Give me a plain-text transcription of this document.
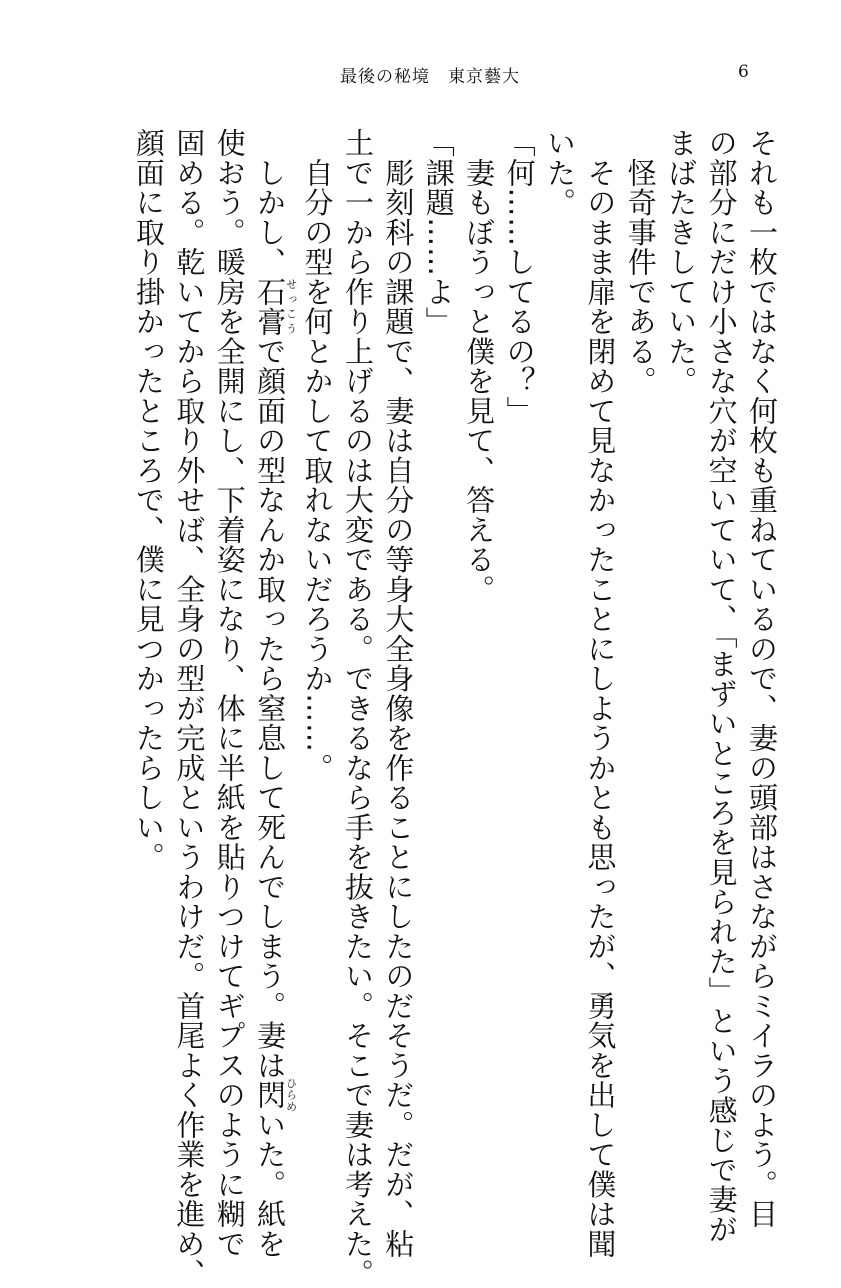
最後の秘境　東京藝大	6
それも一枚ではなく何枚も重ねているので、妻の頭部はさながらミイラのよう。目
の部分にだけ小さな穴が空いていて、「まずいところを見られた」という感じで妻が
まばたきしていた。
　怪奇事件である。
　そのまま扉を閉めて見なかったことにしようかとも思ったが、勇気を出して僕は聞
いた。
「何……してるの？」
　妻もぼうっと僕を見て、答える。
「課題……よ」
　彫刻科の課題で、妻は自分の等身大全身像を作ることにしたのだそうだ。だが、粘
土で一から作り上げるのは大変である。できるなら手を抜きたい。そこで妻は考えた。
　自分の型を何とかして取れないだろうか……。
　しかし、石膏せっこうで顔面の型なんか取ったら窒息して死んでしまう。妻は閃ひらめいた。紙を
使おう。暖房を全開にし、下着姿になり、体に半紙を貼りつけてギプスのように糊で
固める。乾いてから取り外せば、全身の型が完成というわけだ。首尾よく作業を進め、
顔面に取り掛かったところで、僕に見つかったらしい。
